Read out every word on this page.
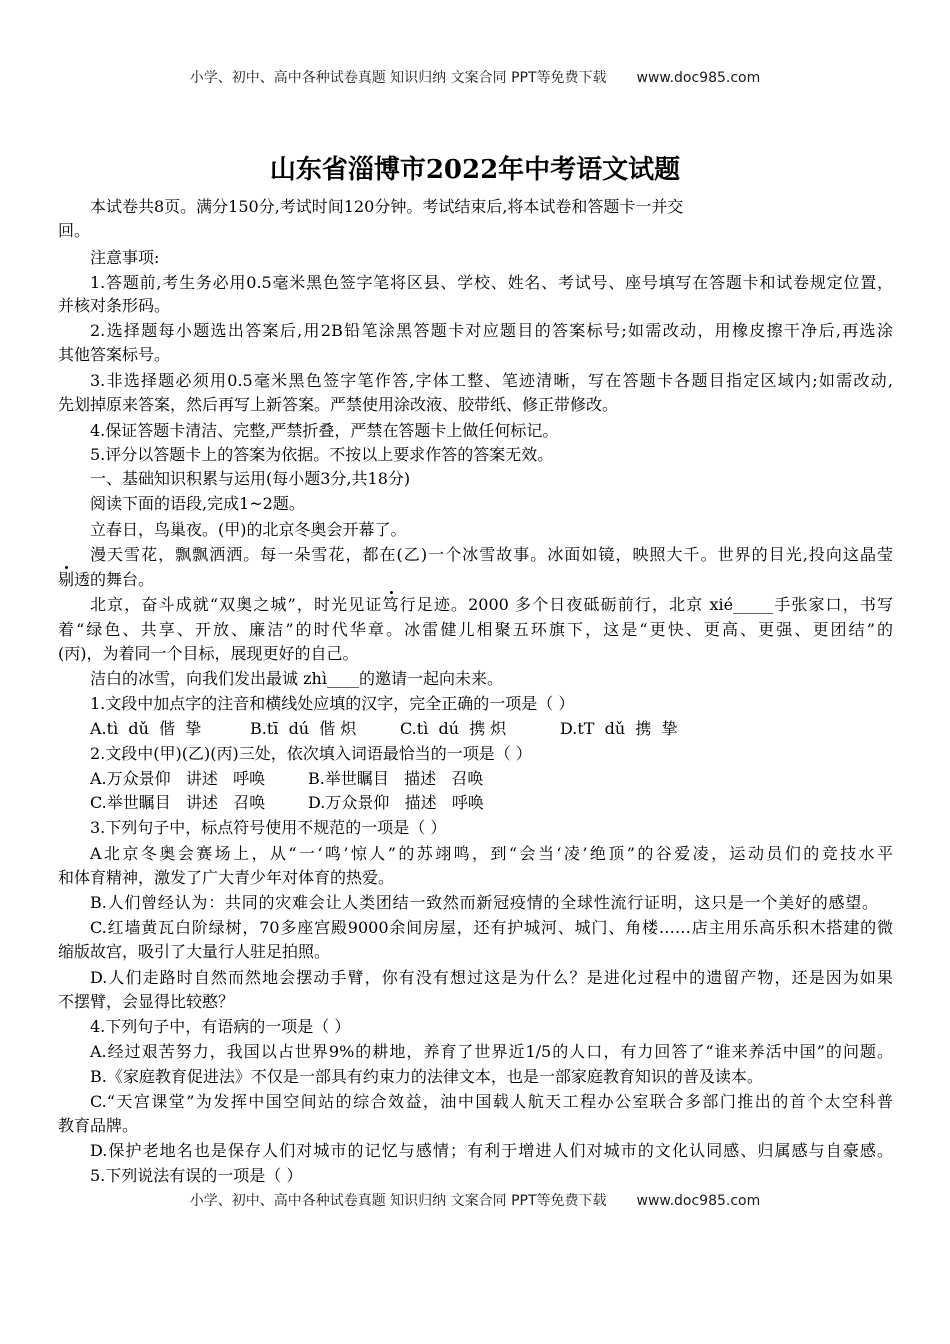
小学、初中、高中各种试卷真题 知识归纳 文案合同 PPT等免费下载 www.doc985.com
山东省淄博市2022年中考语文试题
本试卷共8页。满分150分,考试时间120分钟。考试结束后,将本试卷和答题卡一并交
回。
注意事项:
1.答题前,考生务必用0.5毫米黑色签字笔将区县、学校、姓名、考试号、座号填写在答题卡和试卷规定位置，
并核对条形码。
2.选择题每小题选出答案后,用2B铅笔涂黑答题卡对应题目的答案标号;如需改动，用橡皮擦干净后,再选涂
其他答案标号。
3.非选择题必须用0.5毫米黑色签字笔作答,字体工整、笔迹清晰，写在答题卡各题目指定区域内;如需改动,
先划掉原来答案，然后再写上新答案。严禁使用涂改液、胶带纸、修正带修改。
4.保证答题卡清洁、完整,严禁折叠，严禁在答题卡上做任何标记。
5.评分以答题卡上的答案为依据。不按以上要求作答的答案无效。
一、基础知识积累与运用(每小题3分,共18分)
阅读下面的语段,完成1~2题。
立春日，鸟巢夜。(甲)的北京冬奥会开幕了。
漫天雪花，飘飘洒洒。每一朵雪花，都在(乙)一个冰雪故事。冰面如镜，映照大千。世界的目光,投向这晶莹
剔透的舞台。
北京，奋斗成就“双奥之城”，时光见证笃行足迹。2000 多个日夜砥砺前行，北京 xié_____手张家口，书写
着“绿色、共享、开放、廉洁”的时代华章。冰雷健儿相聚五环旗下，这是“更快、更高、更强、更团结”的
(丙)，为着同一个目标，展现更好的自己。
洁白的冰雪，向我们发出最诚 zhì____的邀请一起向未来。
1.文段中加点字的注音和横线处应填的汉字，完全正确的一项是（ ）
A.tì  dǔ  偕  挚	B.tī  dú  偕 炽	C.tì  dú  携 炽	D.tT  dǔ  携  挚
2.文段中(甲)(乙)(丙)三处，依次填入词语最恰当的一项是（ ）
A.万众景仰   讲述   呼唤	B.举世瞩目   描述   召唤
C.举世瞩目   讲述   召唤	D.万众景仰   描述   呼唤
3.下列句子中，标点符号使用不规范的一项是（ ）
A北京冬奥会赛场上，从“一‘鸣’惊人”的苏翊鸣，到“会当‘凌’绝顶”的谷爱凌，运动员们的竞技水平
和体育精神，激发了广大青少年对体育的热爱。
B.人们曾经认为：共同的灾难会让人类团结一致然而新冠疫情的全球性流行证明，这只是一个美好的感望。
C.红墙黄瓦白阶绿树，70多座宫殿9000余间房屋，还有护城河、城门、角楼……店主用乐高乐积木搭建的微
缩版故宫，吸引了大量行人驻足拍照。
D.人们走路时自然而然地会摆动手臂，你有没有想过这是为什么？是进化过程中的遗留产物，还是因为如果
不摆臂，会显得比较憨？
4.下列句子中，有语病的一项是（ ）
A.经过艰苦努力，我国以占世界9%的耕地，养育了世界近1/5的人口，有力回答了“谁来养活中国”的问题。
B.《家庭教育促进法》不仅是一部具有约束力的法律文本，也是一部家庭教育知识的普及读本。
C.“天宫课堂”为发挥中国空间站的综合效益，油中国载人航天工程办公室联合多部门推出的首个太空科普
教育品牌。
D.保护老地名也是保存人们对城市的记忆与感情；有利于增进人们对城市的文化认同感、归属感与自豪感。
5.下列说法有误的一项是（ ）
小学、初中、高中各种试卷真题 知识归纳 文案合同 PPT等免费下载 www.doc985.com
